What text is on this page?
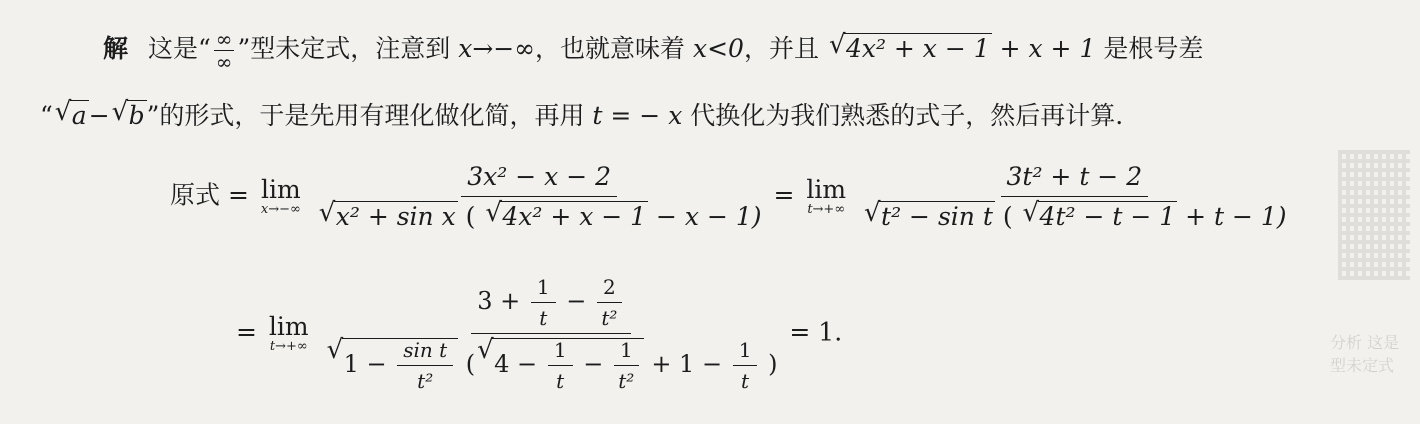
分析 这是 型未定式
解 这是“ $\frac{\infty}{\infty}$ ”型未定式，注意到 x→−∞，也就意味着 x<0，并且 √ 4x² + x − 1 + x + 1 是根号差
“ √ a− √ b”的形式，于是先用有理化做化简，再用 t = − x 代换化为我们熟悉的式子，然后再计算.
原式 = lim
x→−∞
3x² − x − 2
√ x² + sin x ( √ 4x² + x − 1 − x − 1) = lim
t→+∞
3t² + t − 2
√ t² − sin t ( √ 4t² − t − 1 + t − 1)
= lim
t→+∞

$3 + \frac{1}{t} - \frac{2}{\text{t²}}$
√ $1 - \frac{\text{sin t}}{\text{t²}}$ ( √ $4 - \frac{1}{t} - \frac{1}{\text{t²}} + 1 - \frac{1}{t}$ )
= 1.
